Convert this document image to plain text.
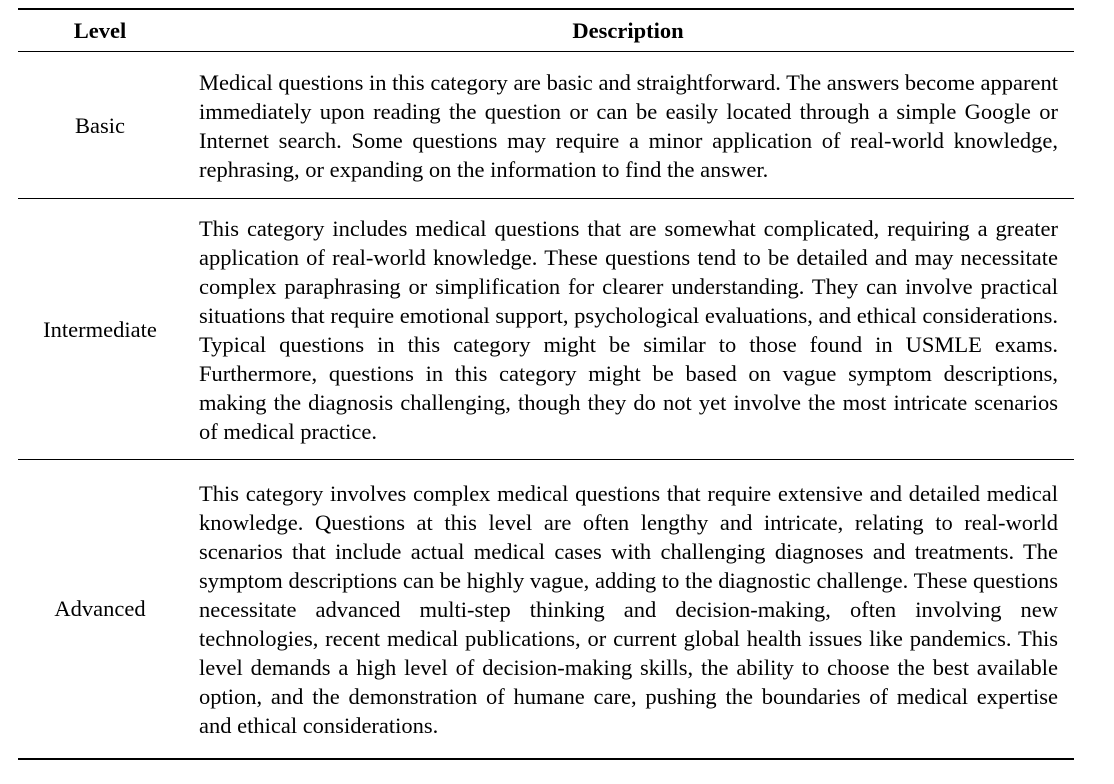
Level	Description
Basic	Medical questions in this category are basic and straightforward. The answers become apparent immediately upon reading the question or can be easily located through a simple Google or Internet search. Some questions may require a minor application of real-world knowledge, rephrasing, or expanding on the information to find the answer.
Intermediate	This category includes medical questions that are somewhat complicated, requiring a greater application of real-world knowledge. These questions tend to be detailed and may necessitate complex paraphrasing or simplification for clearer understanding. They can involve practical situations that require emotional support, psychological evaluations, and ethical considerations. Typical questions in this category might be similar to those found in USMLE exams. Furthermore, questions in this category might be based on vague symptom descriptions, making the diagnosis challenging, though they do not yet involve the most intricate scenarios of medical practice.
Advanced	This category involves complex medical questions that require extensive and detailed medical knowledge. Questions at this level are often lengthy and intricate, relating to real-world scenarios that include actual medical cases with challenging diagnoses and treatments. The symptom descriptions can be highly vague, adding to the diagnostic challenge. These questions necessitate advanced multi-step thinking and decision-making, often involving new technologies, recent medical publications, or current global health issues like pandemics. This level demands a high level of decision-making skills, the ability to choose the best available option, and the demonstration of humane care, pushing the boundaries of medical expertise and ethical considerations.
